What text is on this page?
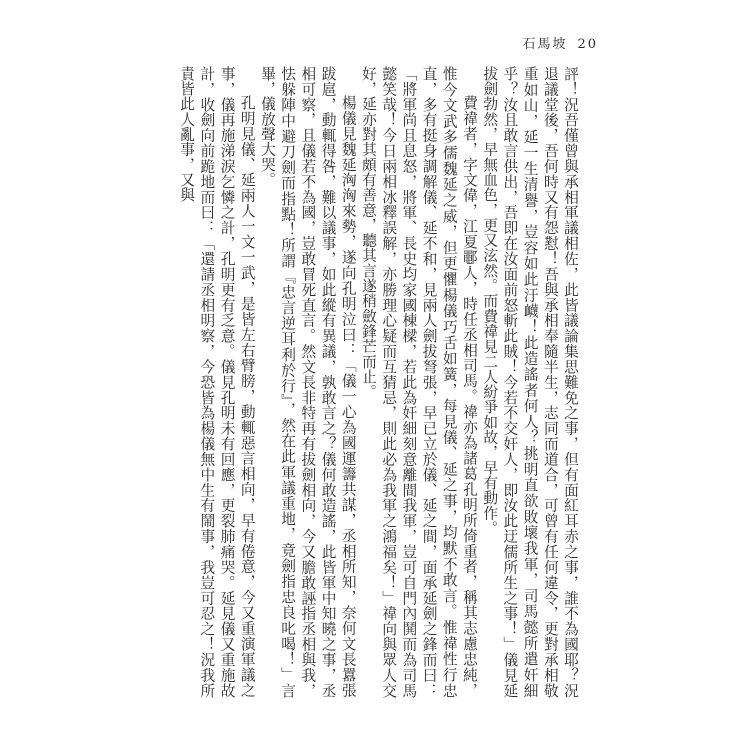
石馬坡 20

評！況吾僅曾與承相軍議相佐，此皆議論集思難免之事，但有面紅耳赤之事，誰不為國耶？況退議堂後，吾何時又有怨懟！吾與承相奉隨半生，志同而道合，可曾有任何違令，更對承相敬重如山，延一生清譽，豈容如此汙衊！此造謠者何人？挑明直欲敗壞我軍，司馬懿所遣奸細乎？汝且敢言供出，吾即在汝面前怒斬此賊！今若不交奸人，即汝此迂儒所生之事！」儀見延拔劍勃然，早無血色，更又泫然。而費禕見二人紛爭如故，早有動作。

費禕者，字文偉，江夏鄳人，時任丞相司馬。禕亦為諸葛孔明所倚重者，稱其志慮忠純，惟今文武多儒魏延之威，但更懼楊儀巧舌如簧，每見儀、延之事，均默不敢言。惟禕性行忠直，多有挺身調解儀、延不和，見兩人劍拔弩張，早已立於儀、延之間，面承延劍之鋒而曰：「將軍尚且息怒，將軍、長史均家國棟樑，若此為奸細刻意離間我軍，豈可自門內鬨而為司馬懿笑哉！今日兩相冰釋誤解，亦勝理心疑而互猜忌，則此必為我軍之鴻福矣！」禕向與眾人交好，延亦對其頗有善意，聽其言遂稍斂鋒芒而止。

楊儀見魏延洶洶來勢，遂向孔明泣曰：「儀一心為國運籌共謀，丞相所知，奈何文長囂張跋扈，動輒得咎，難以議事，如此縱有異議，孰敢言之？儀何敢造謠，此皆軍中知曉之事，丞相可察，且儀若不為國，豈敢冒死直言。然文長非特再有拔劍相向，今又膽敢誣指丞相與我，怯躲陣中避刀劍而指點！所謂『忠言逆耳利於行』，然在此軍議重地，竟劍指忠良叱喝！」言畢，儀放聲大哭。

孔明見儀、延兩人一文一武，是皆左右臂膀，動輒惡言相向，早有倦意，今又重演軍議之事，儀再施涕淚乞憐之計，孔明更有乏意。儀見孔明未有回應，更裂肺痛哭。延見儀又重施故計，收劍向前跪地而曰：「還請丞相明察，今恐皆為楊儀無中生有鬧事，我豈可忍之！況我所責皆此人亂事，又與
